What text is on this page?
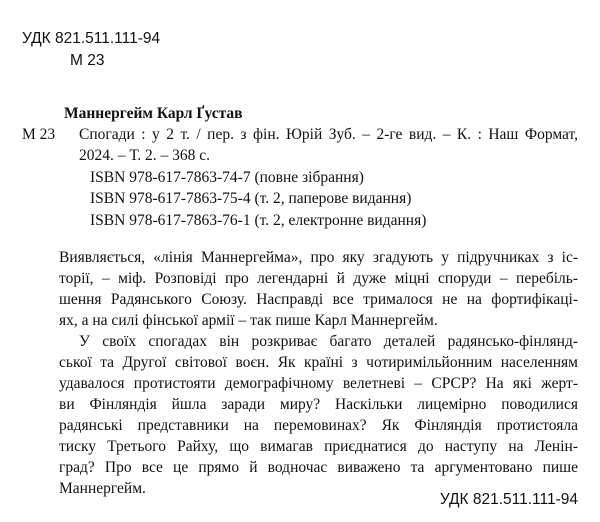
УДК 821.511.111-94
М 23
Маннергейм Карл Ґустав
М 23 Спогади : у 2 т. / пер. з фін. Юрій Зуб. – 2-ге вид. – К. : Наш Формат,
2024. – Т. 2. – 368 с.
ISBN 978-617-7863-74-7 (повне зібрання)
ISBN 978-617-7863-75-4 (т. 2, паперове видання)
ISBN 978-617-7863-76-1 (т. 2, електронне видання)
Виявляється, «лінія Маннергейма», про яку згадують у підручниках з іс-
торії, – міф. Розповіді про легендарні й дуже міцні споруди – перебіль-
шення Радянського Союзу. Насправді все трималося не на фортифікаці-
ях, а на силі фінської армії – так пише Карл Маннергейм.
У своїх спогадах він розкриває багато деталей радянсько-фінлянд-
ської та Другої світової воєн. Як країні з чотиримільйонним населенням
удавалося протистояти демографічному велетневі – СРСР? На які жерт-
ви Фінляндія йшла заради миру? Наскільки лицемірно поводилися
радянські представники на перемовинах? Як Фінляндія протистояла
тиску Третього Райху, що вимагав приєднатися до наступу на Ленін-
град? Про все це прямо й водночас виважено та аргументовано пише
Маннергейм.
УДК 821.511.111-94
